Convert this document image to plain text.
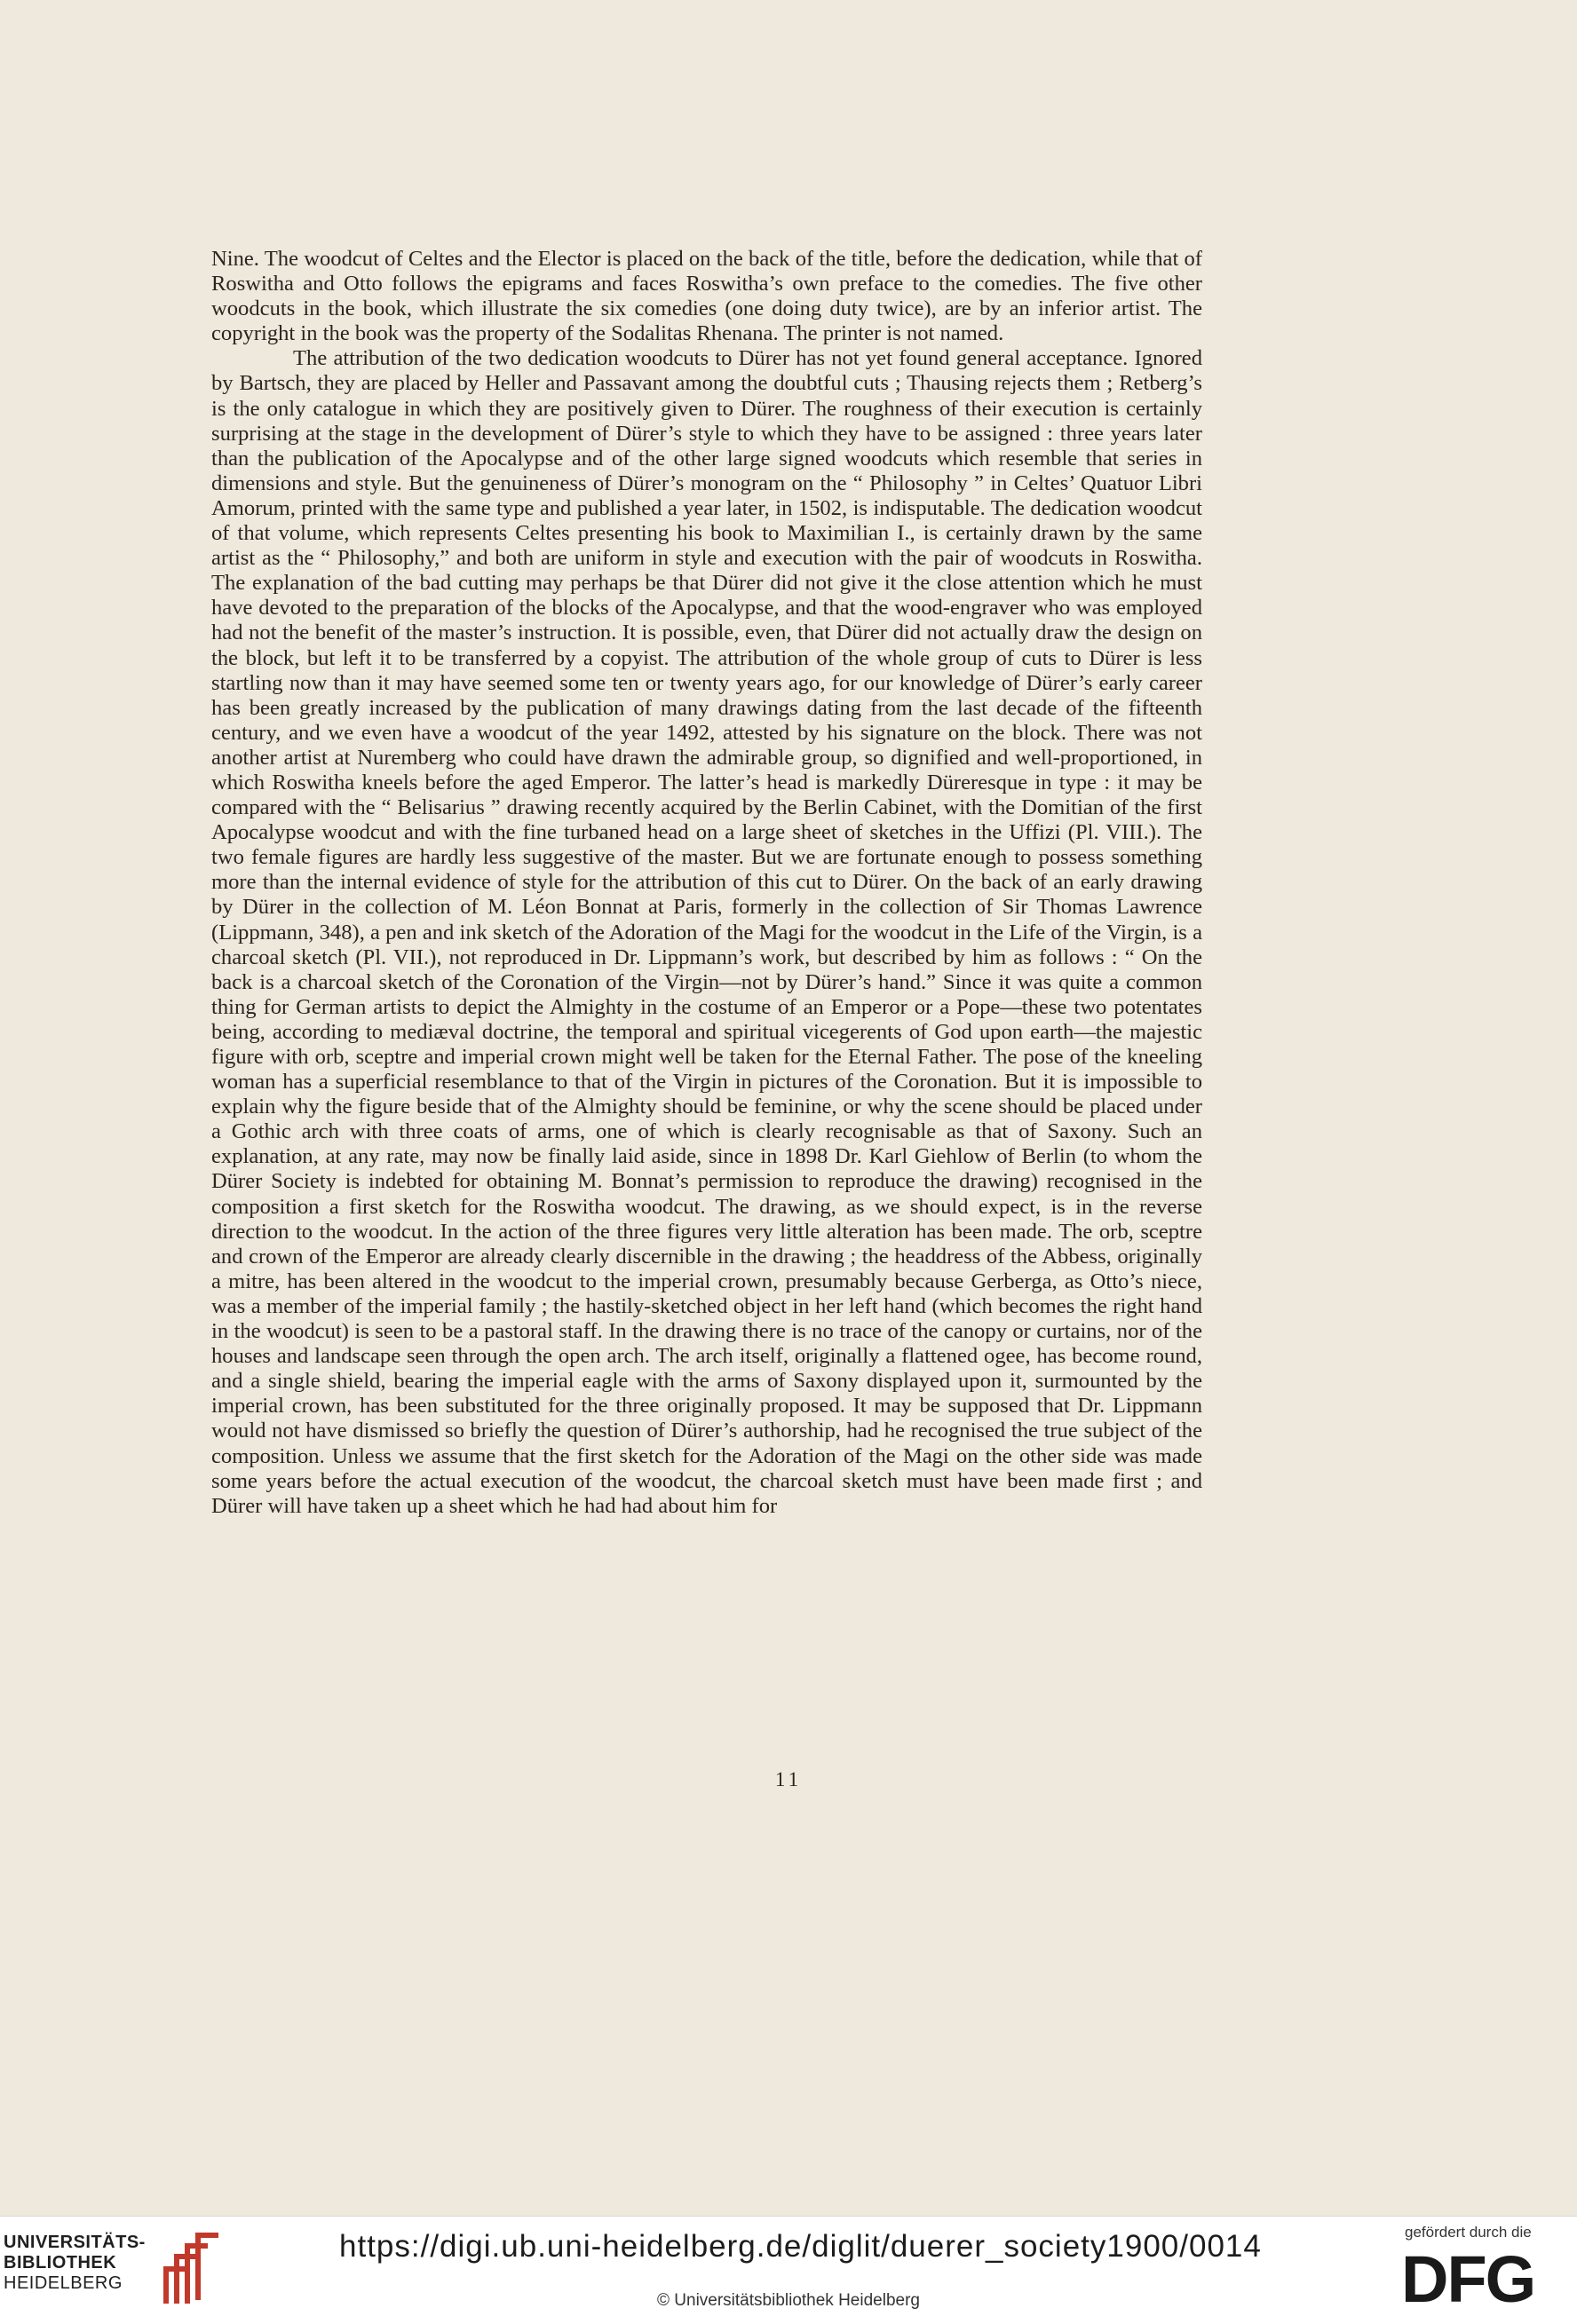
Nine. The woodcut of Celtes and the Elector is placed on the back of the title, before the dedication, while that of Roswitha and Otto follows the epigrams and faces Roswitha’s own preface to the comedies. The five other woodcuts in the book, which illustrate the six comedies (one doing duty twice), are by an inferior artist. The copyright in the book was the property of the Sodalitas Rhenana. The printer is not named.

The attribution of the two dedication woodcuts to Dürer has not yet found general acceptance. Ignored by Bartsch, they are placed by Heller and Passavant among the doubtful cuts ; Thausing rejects them ; Retberg’s is the only catalogue in which they are positively given to Dürer. The roughness of their execution is certainly surprising at the stage in the development of Dürer’s style to which they have to be assigned : three years later than the publication of the Apocalypse and of the other large signed woodcuts which resemble that series in dimensions and style. But the genuineness of Dürer’s monogram on the “ Philosophy ” in Celtes’ Quatuor Libri Amorum, printed with the same type and published a year later, in 1502, is indisputable. The dedication woodcut of that volume, which represents Celtes presenting his book to Maximilian I., is certainly drawn by the same artist as the “ Philosophy,” and both are uniform in style and execution with the pair of woodcuts in Roswitha. The explanation of the bad cutting may perhaps be that Dürer did not give it the close attention which he must have devoted to the preparation of the blocks of the Apocalypse, and that the wood-engraver who was employed had not the benefit of the master’s instruction. It is possible, even, that Dürer did not actually draw the design on the block, but left it to be transferred by a copyist. The attribution of the whole group of cuts to Dürer is less startling now than it may have seemed some ten or twenty years ago, for our knowledge of Dürer’s early career has been greatly increased by the publication of many drawings dating from the last decade of the fifteenth century, and we even have a woodcut of the year 1492, attested by his signature on the block. There was not another artist at Nuremberg who could have drawn the admirable group, so dignified and well-proportioned, in which Roswitha kneels before the aged Emperor. The latter’s head is markedly Düreresque in type : it may be compared with the “ Belisarius ” drawing recently acquired by the Berlin Cabinet, with the Domitian of the first Apocalypse woodcut and with the fine turbaned head on a large sheet of sketches in the Uffizi (Pl. VIII.). The two female figures are hardly less suggestive of the master. But we are fortunate enough to possess something more than the internal evidence of style for the attribution of this cut to Dürer. On the back of an early drawing by Dürer in the collection of M. Léon Bonnat at Paris, formerly in the collection of Sir Thomas Lawrence (Lippmann, 348), a pen and ink sketch of the Adoration of the Magi for the woodcut in the Life of the Virgin, is a charcoal sketch (Pl. VII.), not reproduced in Dr. Lippmann’s work, but described by him as follows : “ On the back is a charcoal sketch of the Coronation of the Virgin—not by Dürer’s hand.” Since it was quite a common thing for German artists to depict the Almighty in the costume of an Emperor or a Pope—these two potentates being, according to mediæval doctrine, the temporal and spiritual vicegerents of God upon earth—the majestic figure with orb, sceptre and imperial crown might well be taken for the Eternal Father. The pose of the kneeling woman has a superficial resemblance to that of the Virgin in pictures of the Coronation. But it is impossible to explain why the figure beside that of the Almighty should be feminine, or why the scene should be placed under a Gothic arch with three coats of arms, one of which is clearly recognisable as that of Saxony. Such an explanation, at any rate, may now be finally laid aside, since in 1898 Dr. Karl Giehlow of Berlin (to whom the Dürer Society is indebted for obtaining M. Bonnat’s permission to reproduce the drawing) recognised in the composition a first sketch for the Roswitha woodcut. The drawing, as we should expect, is in the reverse direction to the woodcut. In the action of the three figures very little alteration has been made. The orb, sceptre and crown of the Emperor are already clearly discernible in the drawing ; the headdress of the Abbess, originally a mitre, has been altered in the woodcut to the imperial crown, presumably because Gerberga, as Otto’s niece, was a member of the imperial family ; the hastily-sketched object in her left hand (which becomes the right hand in the woodcut) is seen to be a pastoral staff. In the drawing there is no trace of the canopy or curtains, nor of the houses and landscape seen through the open arch. The arch itself, originally a flattened ogee, has become round, and a single shield, bearing the imperial eagle with the arms of Saxony displayed upon it, surmounted by the imperial crown, has been substituted for the three originally proposed. It may be supposed that Dr. Lippmann would not have dismissed so briefly the question of Dürer’s authorship, had he recognised the true subject of the composition. Unless we assume that the first sketch for the Adoration of the Magi on the other side was made some years before the actual execution of the woodcut, the charcoal sketch must have been made first ; and Dürer will have taken up a sheet which he had had about him for

11
UNIVERSITÄTS-
BIBLIOTHEK
HEIDELBERG
https://digi.ub.uni-heidelberg.de/diglit/duerer_society1900/0014
© Universitätsbibliothek Heidelberg
gefördert durch die
DFG
